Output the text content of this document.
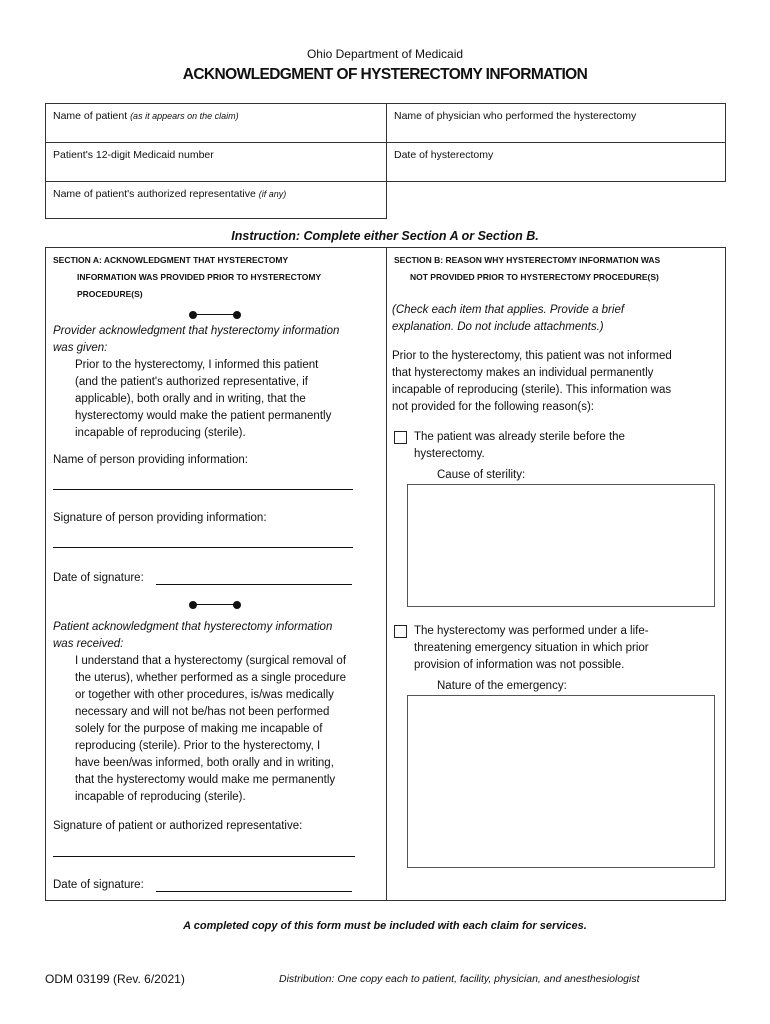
Ohio Department of Medicaid
ACKNOWLEDGMENT OF HYSTERECTOMY INFORMATION
Name of patient (as it appears on the claim)	Name of physician who performed the hysterectomy
Patient's 12-digit Medicaid number	Date of hysterectomy
Name of patient's authorized representative (if any)
Instruction: Complete either Section A or Section B.
SECTION A: ACKNOWLEDGMENT THAT HYSTERECTOMY
INFORMATION WAS PROVIDED PRIOR TO HYSTERECTOMY
PROCEDURE(S)
Provider acknowledgment that hysterectomy information
was given:
Prior to the hysterectomy, I informed this patient
(and the patient's authorized representative, if
applicable), both orally and in writing, that the
hysterectomy would make the patient permanently
incapable of reproducing (sterile).
Name of person providing information:
Signature of person providing information:
Date of signature:
Patient acknowledgment that hysterectomy information
was received:
I understand that a hysterectomy (surgical removal of
the uterus), whether performed as a single procedure
or together with other procedures, is/was medically
necessary and will not be/has not been performed
solely for the purpose of making me incapable of
reproducing (sterile). Prior to the hysterectomy, I
have been/was informed, both orally and in writing,
that the hysterectomy would make me permanently
incapable of reproducing (sterile).
Signature of patient or authorized representative:
Date of signature:
SECTION B: REASON WHY HYSTERECTOMY INFORMATION WAS
NOT PROVIDED PRIOR TO HYSTERECTOMY PROCEDURE(S)
(Check each item that applies. Provide a brief
explanation. Do not include attachments.)
Prior to the hysterectomy, this patient was not informed
that hysterectomy makes an individual permanently
incapable of reproducing (sterile). This information was
not provided for the following reason(s):
The patient was already sterile before the
hysterectomy.
Cause of sterility:
The hysterectomy was performed under a life-
threatening emergency situation in which prior
provision of information was not possible.
Nature of the emergency:
A completed copy of this form must be included with each claim for services.
ODM 03199 (Rev. 6/2021)	Distribution: One copy each to patient, facility, physician, and anesthesiologist
